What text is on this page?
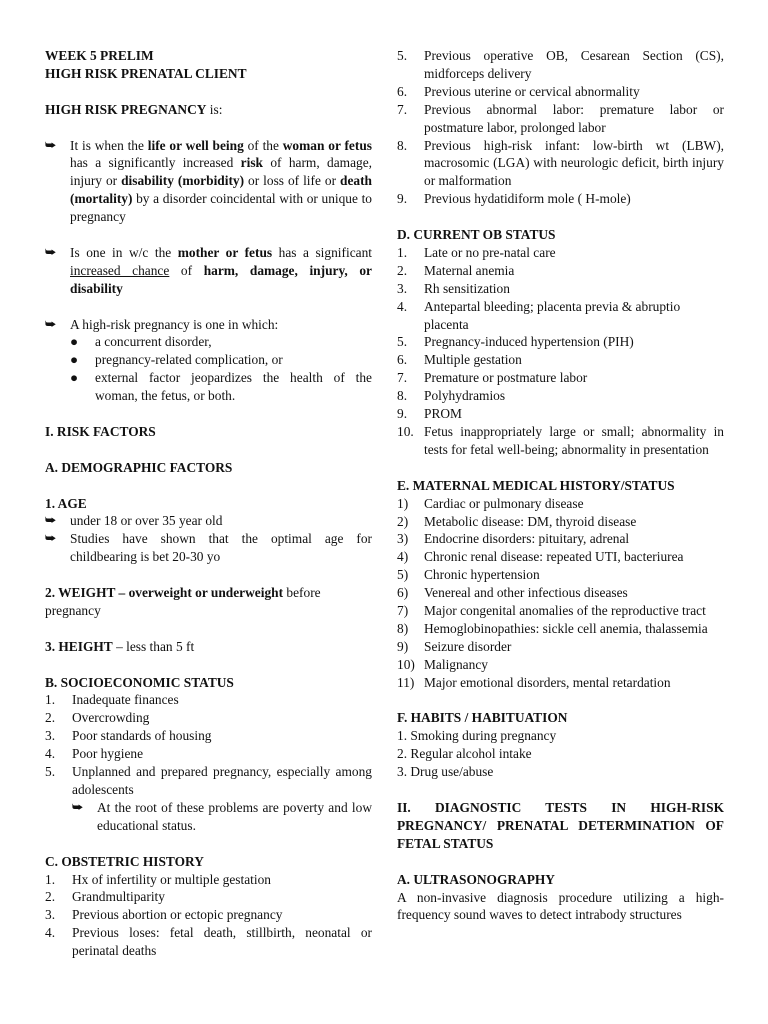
WEEK 5 PRELIM

HIGH RISK PRENATAL CLIENT

HIGH RISK PREGNANCY is:

⮩	It is when the life or well being of the woman or fetus has a significantly increased risk of harm, damage, injury or disability (morbidity) or loss of life or death (mortality) by a disorder coincidental with or unique to pregnancy

⮩	Is one in w/c the mother or fetus has a significant increased chance of harm, damage, injury, or disability

⮩	A high-risk pregnancy is one in which:

●	a concurrent disorder,

●	pregnancy-related complication, or

●	external factor jeopardizes the health of the woman, the fetus, or both.

I. RISK FACTORS

A. DEMOGRAPHIC FACTORS

1. AGE

⮩	under 18 or over 35 year old

⮩	Studies have shown that the optimal age for childbearing is bet 20-30 yo

2. WEIGHT – overweight or underweight before pregnancy

3. HEIGHT – less than 5 ft

B. SOCIOECONOMIC STATUS

1.	Inadequate finances

2.	Overcrowding

3.	Poor standards of housing

4.	Poor hygiene

5.	Unplanned and prepared pregnancy, especially among adolescents

⮩	At the root of these problems are poverty and low educational status.

C. OBSTETRIC HISTORY

1.	Hx of infertility or multiple gestation

2.	Grandmultiparity

3.	Previous abortion or ectopic pregnancy

4.	Previous loses: fetal death, stillbirth, neonatal or perinatal deaths

5.	Previous operative OB, Cesarean Section (CS), midforceps delivery

6.	Previous uterine or cervical abnormality

7.	Previous abnormal labor: premature labor or postmature labor, prolonged labor

8.	Previous high-risk infant: low-birth wt (LBW), macrosomic (LGA) with neurologic deficit, birth injury or malformation

9.	Previous hydatidiform mole ( H-mole)

D. CURRENT OB STATUS

1.	Late or no pre-natal care

2.	Maternal anemia

3.	Rh sensitization

4.	Antepartal bleeding; placenta previa & abruptio placenta

5.	Pregnancy-induced hypertension (PIH)

6.	Multiple gestation

7.	Premature or postmature labor

8.	Polyhydramios

9.	PROM

10. Fetus inappropriately large or small; abnormality in tests for fetal well-being; abnormality in presentation

E. MATERNAL MEDICAL HISTORY/STATUS

1)	Cardiac or pulmonary disease

2)	Metabolic disease: DM, thyroid disease

3)	Endocrine disorders: pituitary, adrenal

4)	Chronic renal disease: repeated UTI, bacteriurea

5)	Chronic hypertension

6)	Venereal and other infectious diseases

7)	Major congenital anomalies of the reproductive tract

8)	Hemoglobinopathies: sickle cell anemia, thalassemia

9)	Seizure disorder

10) Malignancy

11) Major emotional disorders, mental retardation

F. HABITS / HABITUATION

1. Smoking during pregnancy

2. Regular alcohol intake

3. Drug use/abuse

II. DIAGNOSTIC TESTS IN HIGH-RISK PREGNANCY/ PRENATAL DETERMINATION OF FETAL STATUS

A. ULTRASONOGRAPHY

A non-invasive diagnosis procedure utilizing a high-frequency sound waves to detect intrabody structures
